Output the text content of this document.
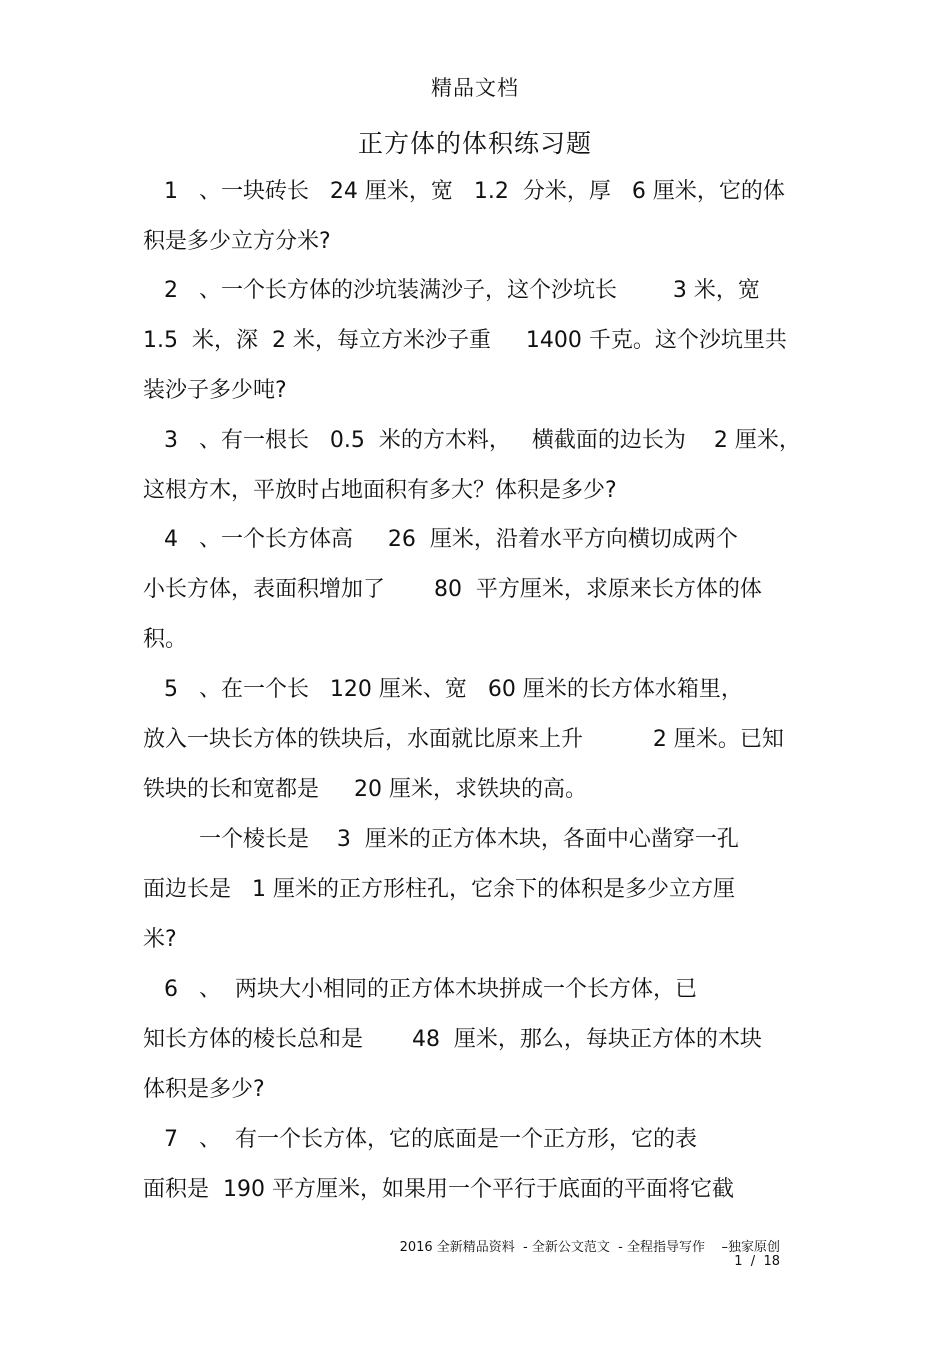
精品文档
正方体的体积练习题
1   、一块砖长   24 厘米，宽   1.2  分米，厚   6 厘米，它的体
积是多少立方分米?
2   、一个长方体的沙坑装满沙子，这个沙坑长        3 米，宽
1.5  米，深  2 米，每立方米沙子重     1400 千克。这个沙坑里共
装沙子多少吨?
3   、有一根长   0.5  米的方木料，   横截面的边长为    2 厘米，
这根方木，平放时占地面积有多大？体积是多少?
4   、一个长方体高     26  厘米，沿着水平方向横切成两个
小长方体，表面积增加了       80  平方厘米，求原来长方体的体
积。
5   、在一个长   120 厘米、宽   60 厘米的长方体水箱里，
放入一块长方体的铁块后，水面就比原来上升          2 厘米。已知
铁块的长和宽都是     20 厘米，求铁块的高。
一个棱长是    3  厘米的正方体木块，各面中心凿穿一孔
面边长是   1 厘米的正方形柱孔，它余下的体积是多少立方厘
米?
6   、  两块大小相同的正方体木块拼成一个长方体，已
知长方体的棱长总和是       48  厘米，那么，每块正方体的木块
体积是多少?
7   、  有一个长方体，它的底面是一个正方形，它的表
面积是  190 平方厘米，如果用一个平行于底面的平面将它截
2016 全新精品资料  - 全新公文范文  - 全程指导写作    –独家原创
1  /  18
